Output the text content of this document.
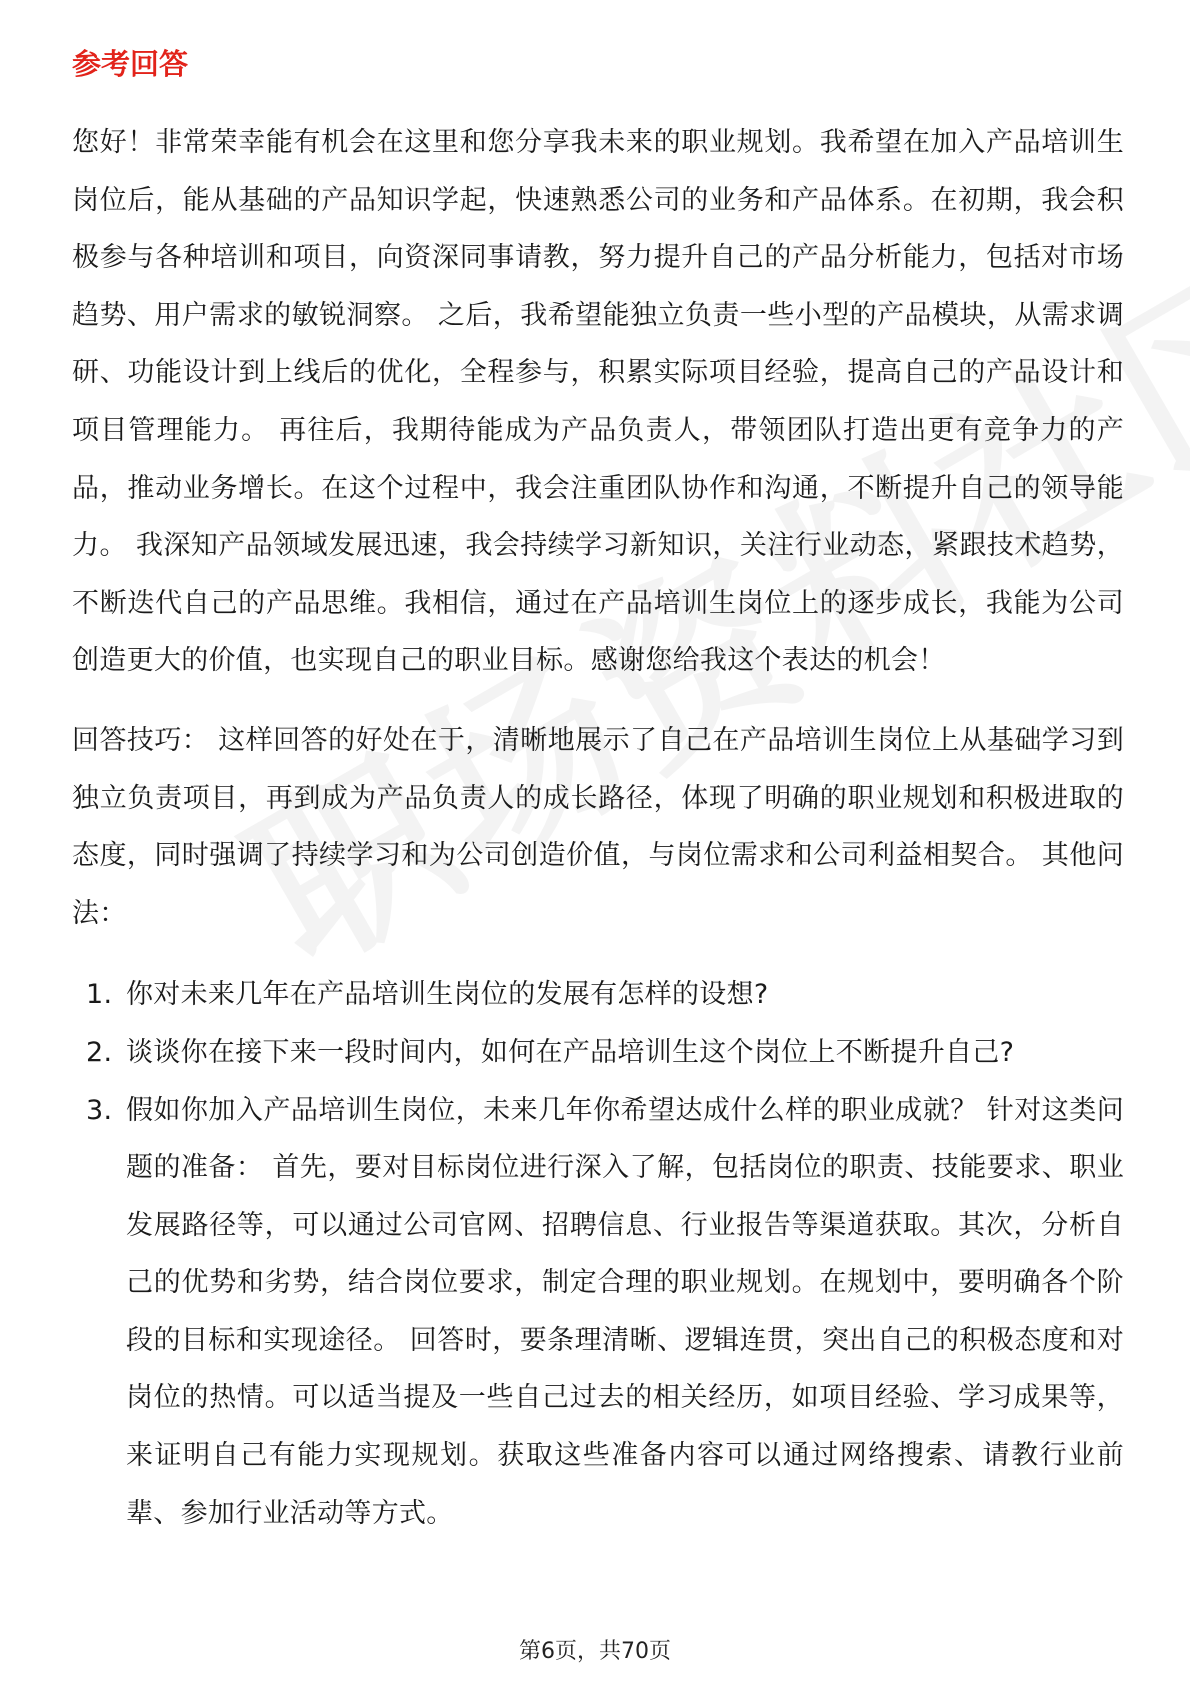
参考回答

您好！非常荣幸能有机会在这里和您分享我未来的职业规划。我希望在加入产品培训生岗位后，能从基础的产品知识学起，快速熟悉公司的业务和产品体系。在初期，我会积极参与各种培训和项目，向资深同事请教，努力提升自己的产品分析能力，包括对市场趋势、用户需求的敏锐洞察。 之后，我希望能独立负责一些小型的产品模块，从需求调研、功能设计到上线后的优化，全程参与，积累实际项目经验，提高自己的产品设计和项目管理能力。 再往后，我期待能成为产品负责人，带领团队打造出更有竞争力的产品，推动业务增长。在这个过程中，我会注重团队协作和沟通，不断提升自己的领导能力。 我深知产品领域发展迅速，我会持续学习新知识，关注行业动态，紧跟技术趋势，不断迭代自己的产品思维。我相信，通过在产品培训生岗位上的逐步成长，我能为公司创造更大的价值，也实现自己的职业目标。感谢您给我这个表达的机会！

回答技巧： 这样回答的好处在于，清晰地展示了自己在产品培训生岗位上从基础学习到独立负责项目，再到成为产品负责人的成长路径，体现了明确的职业规划和积极进取的态度，同时强调了持续学习和为公司创造价值，与岗位需求和公司利益相契合。 其他问法：

1. 你对未来几年在产品培训生岗位的发展有怎样的设想?
2. 谈谈你在接下来一段时间内，如何在产品培训生这个岗位上不断提升自己?
3. 假如你加入产品培训生岗位，未来几年你希望达成什么样的职业成就？ 针对这类问题的准备： 首先，要对目标岗位进行深入了解，包括岗位的职责、技能要求、职业发展路径等，可以通过公司官网、招聘信息、行业报告等渠道获取。其次，分析自己的优势和劣势，结合岗位要求，制定合理的职业规划。在规划中，要明确各个阶段的目标和实现途径。 回答时，要条理清晰、逻辑连贯，突出自己的积极态度和对岗位的热情。可以适当提及一些自己过去的相关经历，如项目经验、学习成果等，来证明自己有能力实现规划。获取这些准备内容可以通过网络搜索、请教行业前辈、参加行业活动等方式。
第6页，共70页
